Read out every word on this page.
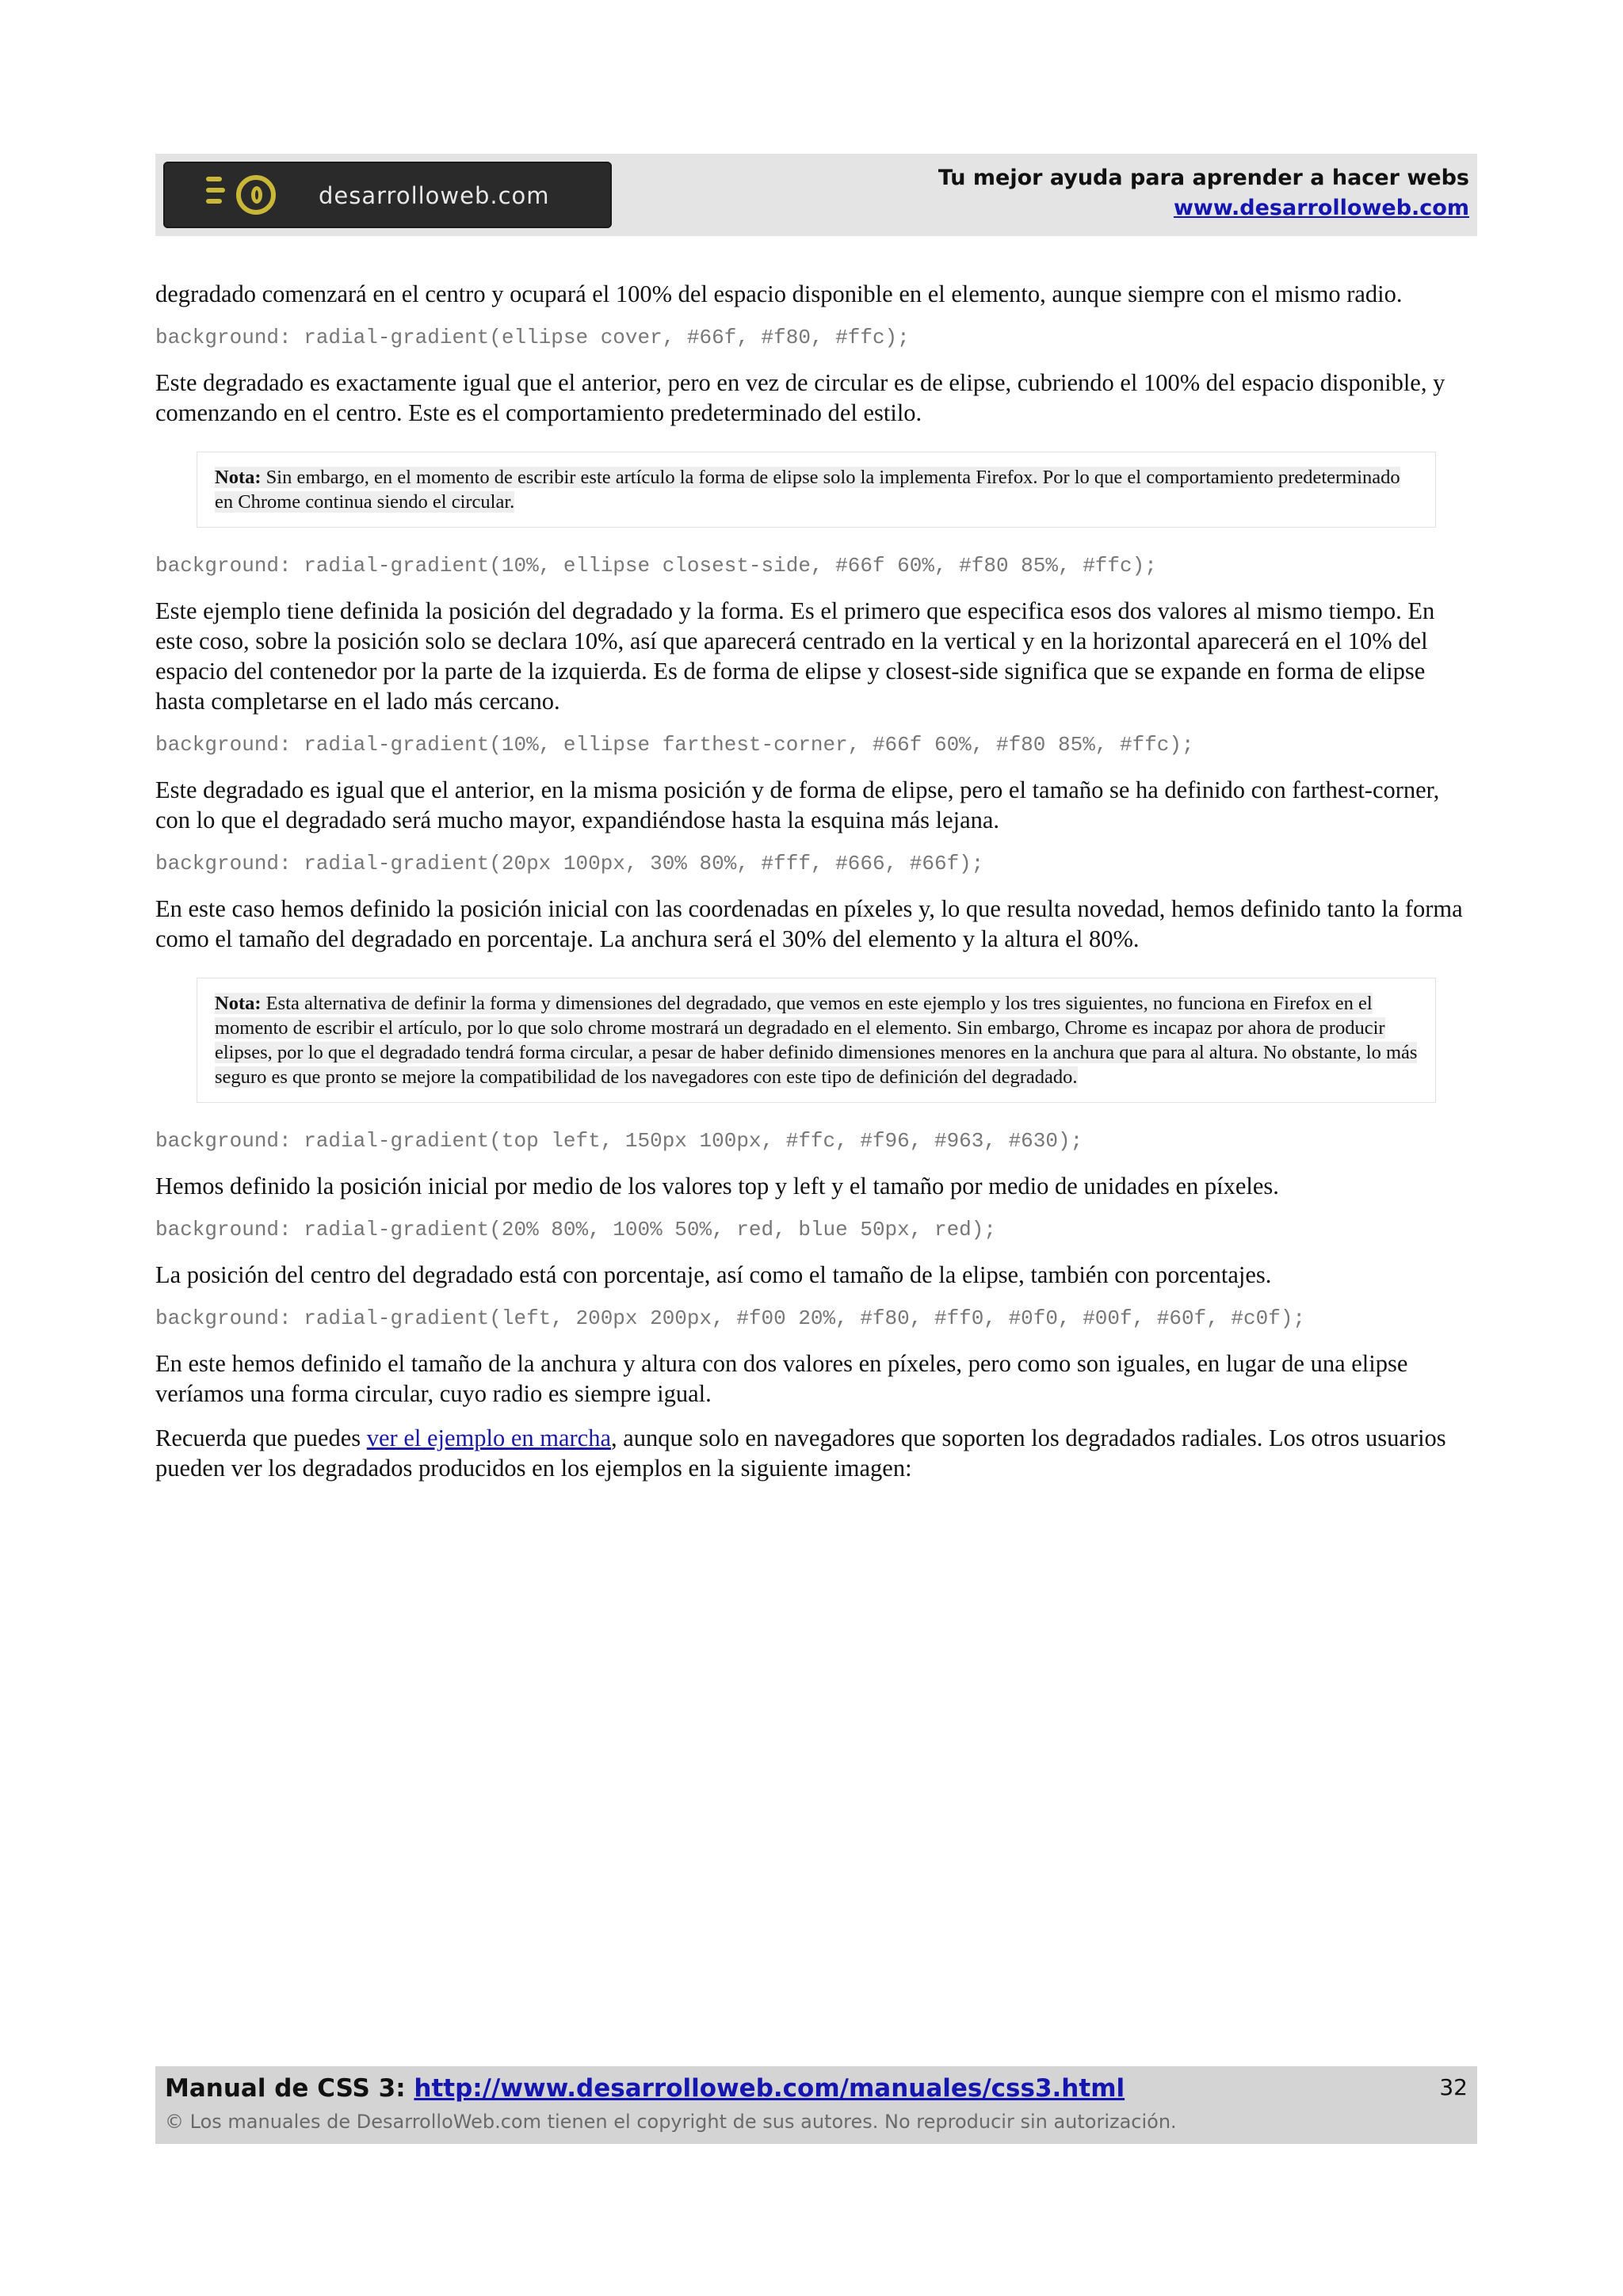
desarrolloweb.com
Tu mejor ayuda para aprender a hacer webs
www.desarrolloweb.com

degradado comenzará en el centro y ocupará el 100% del espacio disponible en el elemento, aunque siempre con el mismo radio.

background: radial-gradient(ellipse cover, #66f, #f80, #ffc);

Este degradado es exactamente igual que el anterior, pero en vez de circular es de elipse, cubriendo el 100% del espacio disponible, y comenzando en el centro. Este es el comportamiento predeterminado del estilo.

Nota: Sin embargo, en el momento de escribir este artículo la forma de elipse solo la implementa Firefox. Por lo que el comportamiento predeterminado en Chrome continua siendo el circular.
background: radial-gradient(10%, ellipse closest-side, #66f 60%, #f80 85%, #ffc);

Este ejemplo tiene definida la posición del degradado y la forma. Es el primero que especifica esos dos valores al mismo tiempo. En este coso, sobre la posición solo se declara 10%, así que aparecerá centrado en la vertical y en la horizontal aparecerá en el 10% del espacio del contenedor por la parte de la izquierda. Es de forma de elipse y closest-side significa que se expande en forma de elipse hasta completarse en el lado más cercano.

background: radial-gradient(10%, ellipse farthest-corner, #66f 60%, #f80 85%, #ffc);

Este degradado es igual que el anterior, en la misma posición y de forma de elipse, pero el tamaño se ha definido con farthest-corner, con lo que el degradado será mucho mayor, expandiéndose hasta la esquina más lejana.

background: radial-gradient(20px 100px, 30% 80%, #fff, #666, #66f);

En este caso hemos definido la posición inicial con las coordenadas en píxeles y, lo que resulta novedad, hemos definido tanto la forma como el tamaño del degradado en porcentaje. La anchura será el 30% del elemento y la altura el 80%.

Nota: Esta alternativa de definir la forma y dimensiones del degradado, que vemos en este ejemplo y los tres siguientes, no funciona en Firefox en el momento de escribir el artículo, por lo que solo chrome mostrará un degradado en el elemento. Sin embargo, Chrome es incapaz por ahora de producir elipses, por lo que el degradado tendrá forma circular, a pesar de haber definido dimensiones menores en la anchura que para al altura. No obstante, lo más seguro es que pronto se mejore la compatibilidad de los navegadores con este tipo de definición del degradado.
background: radial-gradient(top left, 150px 100px, #ffc, #f96, #963, #630);

Hemos definido la posición inicial por medio de los valores top y left y el tamaño por medio de unidades en píxeles.

background: radial-gradient(20% 80%, 100% 50%, red, blue 50px, red);

La posición del centro del degradado está con porcentaje, así como el tamaño de la elipse, también con porcentajes.

background: radial-gradient(left, 200px 200px, #f00 20%, #f80, #ff0, #0f0, #00f, #60f, #c0f);

En este hemos definido el tamaño de la anchura y altura con dos valores en píxeles, pero como son iguales, en lugar de una elipse veríamos una forma circular, cuyo radio es siempre igual.

Recuerda que puedes ver el ejemplo en marcha, aunque solo en navegadores que soporten los degradados radiales. Los otros usuarios pueden ver los degradados producidos en los ejemplos en la siguiente imagen:

Manual de CSS 3: http://www.desarrolloweb.com/manuales/css3.html
© Los manuales de DesarrolloWeb.com tienen el copyright de sus autores. No reproducir sin autorización.
32
